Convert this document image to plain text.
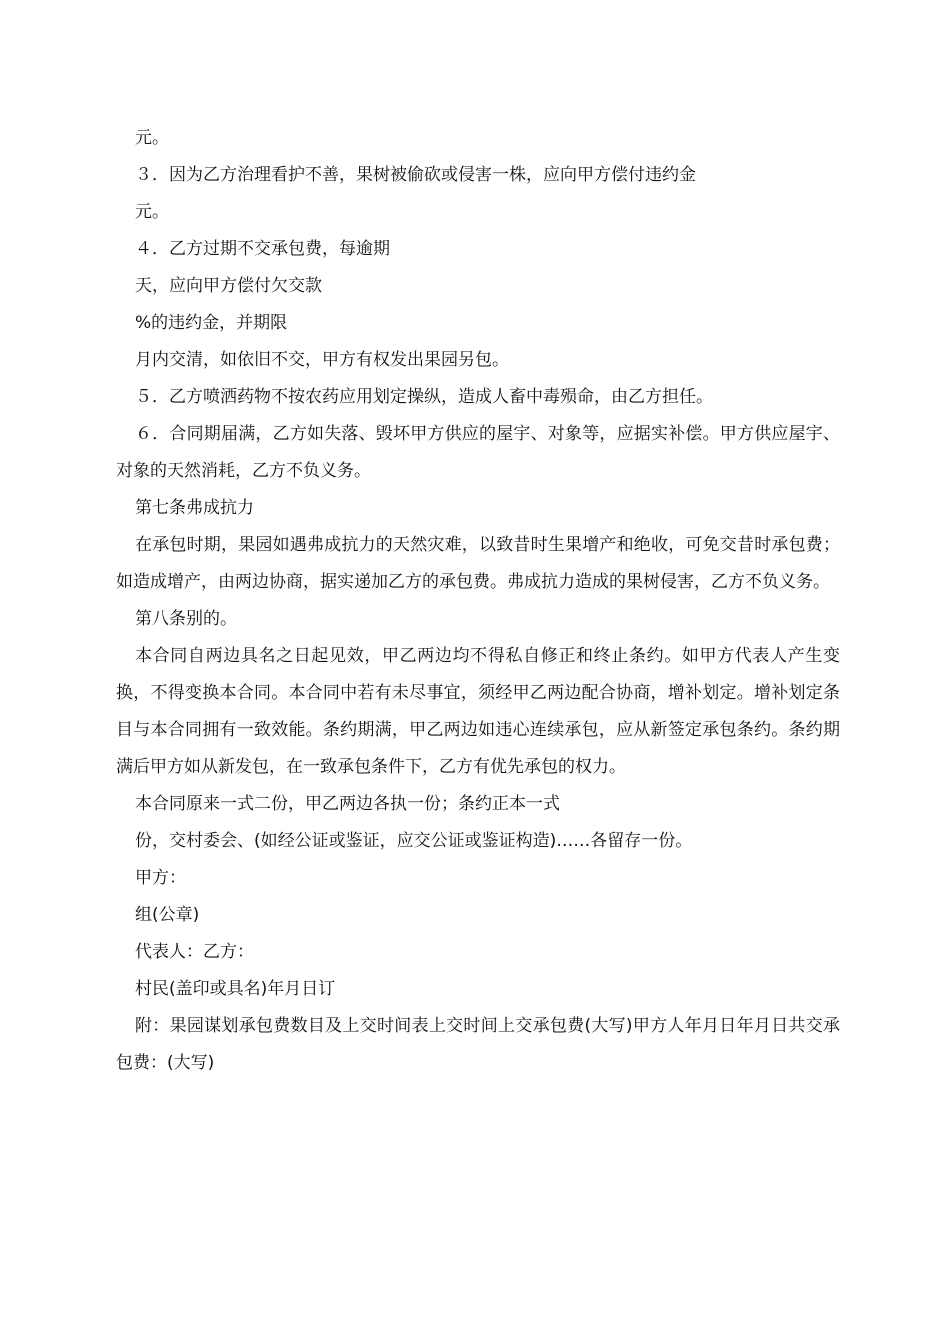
元。

３．因为乙方治理看护不善，果树被偷砍或侵害一株，应向甲方偿付违约金

元。

４．乙方过期不交承包费，每逾期

天，应向甲方偿付欠交款

%的违约金，并期限

月内交清，如依旧不交，甲方有权发出果园另包。

５．乙方喷洒药物不按农药应用划定操纵，造成人畜中毒殒命，由乙方担任。

６．合同期届满，乙方如失落、毁坏甲方供应的屋宇、对象等，应据实补偿。甲方供应屋宇、对象的天然消耗，乙方不负义务。

第七条弗成抗力

在承包时期，果园如遇弗成抗力的天然灾难，以致昔时生果增产和绝收，可免交昔时承包费；如造成增产，由两边协商，据实递加乙方的承包费。弗成抗力造成的果树侵害，乙方不负义务。

第八条别的。

本合同自两边具名之日起见效，甲乙两边均不得私自修正和终止条约。如甲方代表人产生变换，不得变换本合同。本合同中若有未尽事宜，须经甲乙两边配合协商，增补划定。增补划定条目与本合同拥有一致效能。条约期满，甲乙两边如违心连续承包，应从新签定承包条约。条约期满后甲方如从新发包，在一致承包条件下，乙方有优先承包的权力。

本合同原来一式二份，甲乙两边各执一份；条约正本一式

份，交村委会、(如经公证或鉴证，应交公证或鉴证构造)……各留存一份。

甲方：

组(公章)

代表人：乙方：

村民(盖印或具名)年月日订

附：果园谋划承包费数目及上交时间表上交时间上交承包费(大写)甲方人年月日年月日共交承包费：(大写)
